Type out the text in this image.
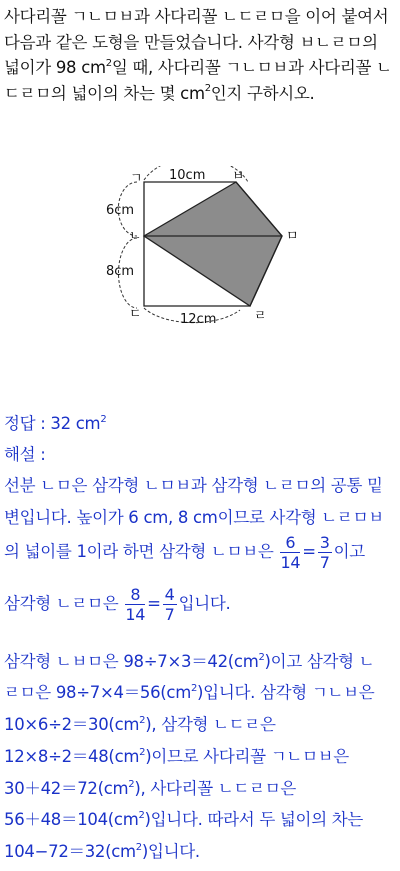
사다리꼴 ㄱㄴㅁㅂ과 사다리꼴 ㄴㄷㄹㅁ을 이어 붙여서 다음과 같은 도형을 만들었습니다. 사각형 ㅂㄴㄹㅁ의 넓이가 98 $cm^2$일 때, 사다리꼴 ㄱㄴㅁㅂ과 사다리꼴 ㄴㄷㄹㅁ의 넓이의 차는 몇 $cm^2$인지 구하시오.

ㄱ
ㄴ
ㄷ
ㅂ
ㅁ
ㄹ
10cm
6cm
8cm
12cm
정답 : 32 $cm^2$
해설 :
선분 ㄴㅁ은 삼각형 ㄴㅁㅂ과 삼각형 ㄴㄹㅁ의 공통 밑
변입니다. 높이가 6 cm, 8 cm이므로 사각형 ㄴㄹㅁㅂ
의 넓이를 1이라 하면 삼각형 ㄴㅁㅂ은 $\frac{6}{14} = \frac{3}{7}$ 이고
삼각형 ㄴㄹㅁ은 $\frac{8}{14} = \frac{4}{7}$ 입니다.
삼각형 ㄴㅂㅁ은 $98\div 7\times 3=42(cm^2)$이고 삼각형 ㄴ
ㄹㅁ은 $98\div 7\times 4=56(cm^2)$입니다. 삼각형 ㄱㄴㅂ은
$10\times 6\div 2=30(cm^2)$, 삼각형 ㄴㄷㄹ은
$12\times 8\div 2=48(cm^2)$이므로 사다리꼴 ㄱㄴㅁㅂ은
$30+42=72(cm^2)$, 사다리꼴 ㄴㄷㄹㅁ은
$56+48=104(cm^2)$입니다. 따라서 두 넓이의 차는
$104-72=32(cm^2)$입니다.
